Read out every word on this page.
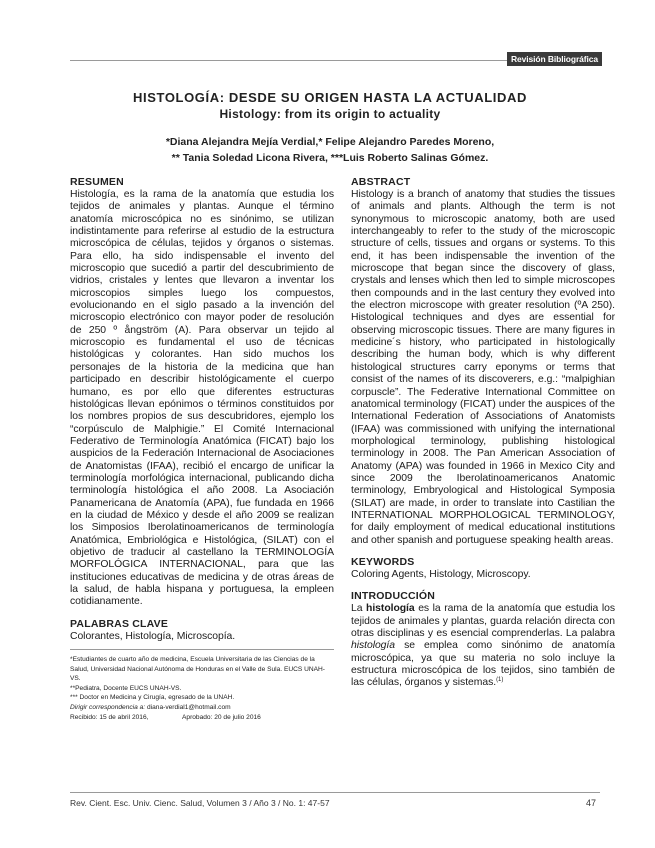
Revisión Bibliográfica
HISTOLOGÍA: DESDE SU ORIGEN HASTA LA ACTUALIDAD
Histology: from its origin to actuality
*Diana Alejandra Mejía Verdial,* Felipe Alejandro Paredes Moreno,
** Tania Soledad Licona Rivera, ***Luis Roberto Salinas Gómez.

RESUMEN

Histología, es la rama de la anatomía que estudia los tejidos de animales y plantas. Aunque el término anatomía microscópica no es sinónimo, se utilizan indistintamente para referirse al estudio de la estructura microscópica de células, tejidos y órganos o sistemas. Para ello, ha sido indispensable el invento del microscopio que sucedió a partir del descubrimiento de vidrios, cristales y lentes que llevaron a inventar los microscopios simples luego los compuestos, evolucionando en el siglo pasado a la invención del microscopio electrónico con mayor poder de resolución de 250 º ångström (A). Para observar un tejido al microscopio es fundamental el uso de técnicas histológicas y colorantes. Han sido muchos los personajes de la historia de la medicina que han participado en describir histológicamente el cuerpo humano, es por ello que diferentes estructuras histológicas llevan epónimos o términos constituidos por los nombres propios de sus descubridores, ejemplo los “corpúsculo de Malphigie.” El Comité Internacional Federativo de Terminología Anatómica (FICAT) bajo los auspicios de la Federación Internacional de Asociaciones de Anatomistas (IFAA), recibió el encargo de unificar la terminología morfológica internacional, publicando dicha terminología histológica el año 2008. La Asociación Panamericana de Anatomía (APA), fue fundada en 1966 en la ciudad de México y desde el año 2009 se realizan los Simposios Iberolatinoamericanos de terminología Anatómica, Embriológica e Histológica, (SILAT) con el objetivo de traducir al castellano la TERMINOLOGÍA MORFOLÓGICA INTERNACIONAL, para que las instituciones educativas de medicina y de otras áreas de la salud, de habla hispana y portuguesa, la empleen cotidianamente.

PALABRAS CLAVE

Colorantes, Histología, Microscopía.

*Estudiantes de cuarto año de medicina, Escuela Universitaria de las Ciencias de la Salud, Universidad Nacional Autónoma de Honduras en el Valle de Sula. EUCS UNAH-VS.

**Pediatra, Docente EUCS UNAH-VS.

*** Doctor en Medicina y Cirugía, egresado de la UNAH.

Dirigir correspondencia a: diana-verdial1@hotmail.com

Recibido: 15 de abril 2016,	Aprobado: 20 de julio 2016

ABSTRACT

Histology is a branch of anatomy that studies the tissues of animals and plants. Although the term is not synonymous to microscopic anatomy, both are used interchangeably to refer to the study of the microscopic structure of cells, tissues and organs or systems. To this end, it has been indispensable the invention of the microscope that began since the discovery of glass, crystals and lenses which then led to simple microscopes then compounds and in the last century they evolved into the electron microscope with greater resolution (ºA 250). Histological techniques and dyes are essential for observing microscopic tissues. There are many figures in medicine´s history, who participated in histologically describing the human body, which is why different histological structures carry eponyms or terms that consist of the names of its discoverers, e.g.: “malpighian corpuscle”. The Federative International Committee on anatomical terminology (FICAT) under the auspices of the International Federation of Associations of Anatomists (IFAA) was commissioned with unifying the international morphological terminology, publishing histological terminology in 2008. The Pan American Association of Anatomy (APA) was founded in 1966 in Mexico City and since 2009 the Iberolatinoamericanos Anatomic terminology, Embryological and Histological Symposia (SILAT) are made, in order to translate into Castilian the INTERNATIONAL MORPHOLOGICAL TERMINOLOGY, for daily employment of medical educational institutions and other spanish and portuguese speaking health areas.

KEYWORDS

Coloring Agents, Histology, Microscopy.

INTRODUCCIÓN

La histología es la rama de la anatomía que estudia los tejidos de animales y plantas, guarda relación directa con otras disciplinas y es esencial comprenderlas. La palabra histología se emplea como sinónimo de anatomía microscópica, ya que su materia no solo incluye la estructura microscópica de los tejidos, sino también de las células, órganos y sistemas.$^{(1)}$

Rev. Cient. Esc. Univ. Cienc. Salud, Volumen 3 / Año 3 / No. 1: 47-57	47
